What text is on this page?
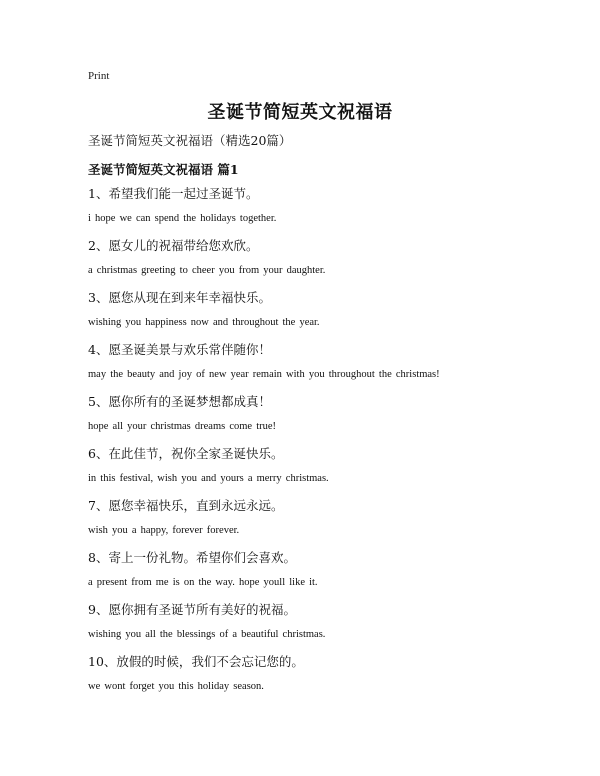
Print
圣诞节简短英文祝福语
圣诞节简短英文祝福语（精选20篇）
圣诞节简短英文祝福语 篇1
1、希望我们能一起过圣诞节。
i hope we can spend the holidays together.
2、愿女儿的祝福带给您欢欣。
a christmas greeting to cheer you from your daughter.
3、愿您从现在到来年幸福快乐。
wishing you happiness now and throughout the year.
4、愿圣诞美景与欢乐常伴随你！
may the beauty and joy of new year remain with you throughout the christmas!
5、愿你所有的圣诞梦想都成真！
hope all your christmas dreams come true!
6、在此佳节，祝你全家圣诞快乐。
in this festival, wish you and yours a merry christmas.
7、愿您幸福快乐，直到永远永远。
wish you a happy, forever forever.
8、寄上一份礼物。希望你们会喜欢。
a present from me is on the way. hope youll like it.
9、愿你拥有圣诞节所有美好的祝福。
wishing you all the blessings of a beautiful christmas.
10、放假的时候，我们不会忘记您的。
we wont forget you this holiday season.
